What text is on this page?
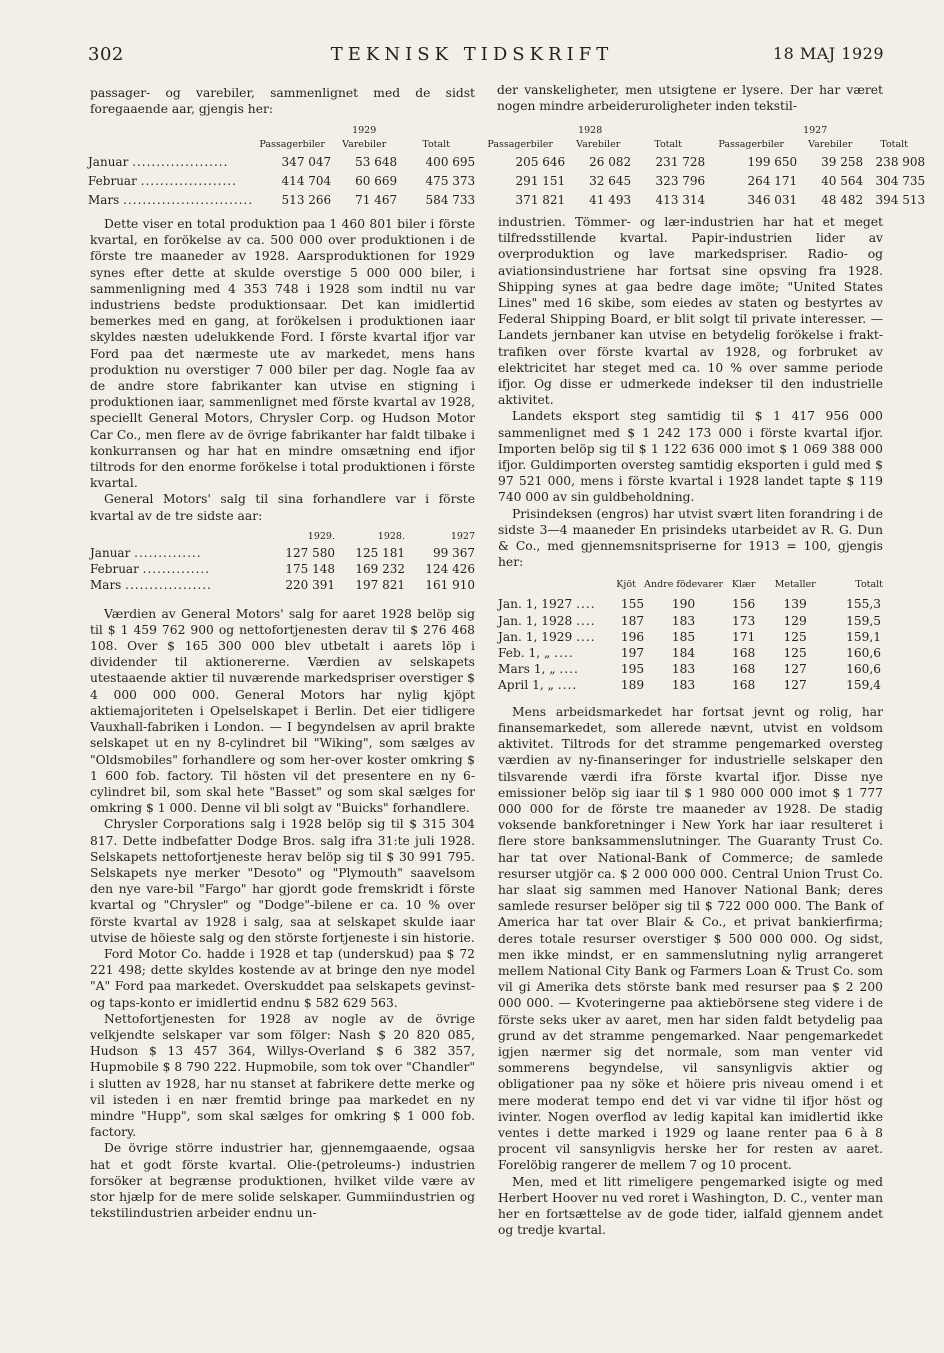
302	TEKNISK TIDSKRIFT	18 MAJ 1929

passager- og varebiler, sammenlignet med de sidst foregaaende aar, gjengis her:

der vanskeligheter, men utsigtene er lysere. Der har været nogen mindre arbeideruroligheter inden tekstil-

	1929			1928			1927		
	Passagerbiler	Varebiler	Totalt	Passagerbiler	Varebiler	Totalt	Passagerbiler	Varebiler	Totalt
Januar ....................	347 047	53 648	400 695	205 646	26 082	231 728	199 650	39 258	238 908
Februar ....................	414 704	60 669	475 373	291 151	32 645	323 796	264 171	40 564	304 735
Mars ...........................	513 266	71 467	584 733	371 821	41 493	413 314	346 031	48 482	394 513

Dette viser en total produktion paa 1 460 801 biler i förste kvartal, en forökelse av ca. 500 000 over produktionen i de förste tre maaneder av 1928. Aarsproduktionen for 1929 synes efter dette at skulde overstige 5 000 000 biler, i sammenligning med 4 353 748 i 1928 som indtil nu var industriens bedste produktionsaar. Det kan imidlertid bemerkes med en gang, at forökelsen i produktionen iaar skyldes næsten udelukkende Ford. I förste kvartal ifjor var Ford paa det nærmeste ute av markedet, mens hans produktion nu overstiger 7 000 biler per dag. Nogle faa av de andre store fabrikanter kan utvise en stigning i produktionen iaar, sammenlignet med förste kvartal av 1928, speciellt General Motors, Chrysler Corp. og Hudson Motor Car Co., men flere av de övrige fabrikanter har faldt tilbake i konkurransen og har hat en mindre omsætning end ifjor tiltrods for den enorme forökelse i total produktionen i förste kvartal.

General Motors' salg til sina forhandlere var i förste kvartal av de tre sidste aar:

	1929.	1928.	1927
Januar ..............	127 580	125 181	99 367
Februar ..............	175 148	169 232	124 426
Mars ..................	220 391	197 821	161 910

Værdien av General Motors' salg for aaret 1928 belöp sig til $ 1 459 762 900 og nettofortjenesten derav til $ 276 468 108. Over $ 165 300 000 blev utbetalt i aarets löp i dividender til aktionererne. Værdien av selskapets utestaaende aktier til nuværende markedspriser overstiger $ 4 000 000 000. General Motors har nylig kjöpt aktiemajoriteten i Opelselskapet i Berlin. Det eier tidligere Vauxhall-fabriken i London. — I begyndelsen av april brakte selskapet ut en ny 8-cylindret bil "Wiking", som sælges av "Oldsmobiles" forhandlere og som her-over koster omkring $ 1 600 fob. factory. Til hösten vil det presentere en ny 6-cylindret bil, som skal hete "Basset" og som skal sælges for omkring $ 1 000. Denne vil bli solgt av "Buicks" forhandlere.

Chrysler Corporations salg i 1928 belöp sig til $ 315 304 817. Dette indbefatter Dodge Bros. salg ifra 31:te juli 1928. Selskapets nettofortjeneste herav belöp sig til $ 30 991 795. Selskapets nye merker "Desoto" og "Plymouth" saavelsom den nye vare-bil "Fargo" har gjordt gode fremskridt i förste kvartal og "Chrysler" og "Dodge"-bilene er ca. 10 % over förste kvartal av 1928 i salg, saa at selskapet skulde iaar utvise de höieste salg og den störste fortjeneste i sin historie.

Ford Motor Co. hadde i 1928 et tap (underskud) paa $ 72 221 498; dette skyldes kostende av at bringe den nye model "A" Ford paa markedet. Overskuddet paa selskapets gevinst- og taps-konto er imidlertid endnu $ 582 629 563.

Nettofortjenesten for 1928 av nogle av de övrige velkjendte selskaper var som fölger: Nash $ 20 820 085, Hudson $ 13 457 364, Willys-Overland $ 6 382 357, Hupmobile $ 8 790 222. Hupmobile, som tok over "Chandler" i slutten av 1928, har nu stanset at fabrikere dette merke og vil isteden i en nær fremtid bringe paa markedet en ny mindre "Hupp", som skal sælges for omkring $ 1 000 fob. factory.

De övrige större industrier har, gjennemgaaende, ogsaa hat et godt förste kvartal. Olie-(petroleums-) industrien forsöker at begrænse produktionen, hvilket vilde være av stor hjælp for de mere solide selskaper. Gummiindustrien og tekstilindustrien arbeider endnu un-

industrien. Tömmer- og lær-industrien har hat et meget tilfredsstillende kvartal. Papir-industrien lider av overproduktion og lave markedspriser. Radio- og aviationsindustriene har fortsat sine opsving fra 1928. Shipping synes at gaa bedre dage imöte; "United States Lines" med 16 skibe, som eiedes av staten og bestyrtes av Federal Shipping Board, er blit solgt til private interesser. — Landets jernbaner kan utvise en betydelig forökelse i frakt-trafiken over förste kvartal av 1928, og forbruket av elektricitet har steget med ca. 10 % over samme periode ifjor. Og disse er udmerkede indekser til den industrielle aktivitet.

Landets eksport steg samtidig til $ 1 417 956 000 sammenlignet med $ 1 242 173 000 i förste kvartal ifjor. Importen belöp sig til $ 1 122 636 000 imot $ 1 069 388 000 ifjor. Guldimporten oversteg samtidig eksporten i guld med $ 97 521 000, mens i förste kvartal i 1928 landet tapte $ 119 740 000 av sin guldbeholdning.

Prisindeksen (engros) har utvist svært liten forandring i de sidste 3—4 maaneder En prisindeks utarbeidet av R. G. Dun & Co., med gjennemsnitspriserne for 1913 = 100, gjengis her:

	Kjöt	Andre födevarer	Klær	Metaller	Totalt
Jan. 1, 1927 ....	155	190	156	139	155,3
Jan. 1, 1928 ....	187	183	173	129	159,5
Jan. 1, 1929 ....	196	185	171	125	159,1
Feb. 1, „ ....	197	184	168	125	160,6
Mars 1, „ ....	195	183	168	127	160,6
April 1, „ ....	189	183	168	127	159,4

Mens arbeidsmarkedet har fortsat jevnt og rolig, har finansemarkedet, som allerede nævnt, utvist en voldsom aktivitet. Tiltrods for det stramme pengemarked oversteg værdien av ny-finanseringer for industrielle selskaper den tilsvarende værdi ifra förste kvartal ifjor. Disse nye emissioner belöp sig iaar til $ 1 980 000 000 imot $ 1 777 000 000 for de förste tre maaneder av 1928. De stadig voksende bankforetninger i New York har iaar resulteret i flere store banksammenslutninger. The Guaranty Trust Co. har tat over National-Bank of Commerce; de samlede resurser utgjör ca. $ 2 000 000 000. Central Union Trust Co. har slaat sig sammen med Hanover National Bank; deres samlede resurser belöper sig til $ 722 000 000. The Bank of America har tat over Blair & Co., et privat bankierfirma; deres totale resurser overstiger $ 500 000 000. Og sidst, men ikke mindst, er en sammenslutning nylig arrangeret mellem National City Bank og Farmers Loan & Trust Co. som vil gi Amerika dets störste bank med resurser paa $ 2 200 000 000. — Kvoteringerne paa aktiebörsene steg videre i de förste seks uker av aaret, men har siden faldt betydelig paa grund av det stramme pengemarked. Naar pengemarkedet igjen nærmer sig det normale, som man venter vid sommerens begyndelse, vil sansynligvis aktier og obligationer paa ny söke et höiere pris niveau omend i et mere moderat tempo end det vi var vidne til ifjor höst og ivinter. Nogen overflod av ledig kapital kan imidlertid ikke ventes i dette marked i 1929 og laane renter paa 6 à 8 procent vil sansynligvis herske her for resten av aaret. Forelöbig rangerer de mellem 7 og 10 procent.

Men, med et litt rimeligere pengemarked isigte og med Herbert Hoover nu ved roret i Washington, D. C., venter man her en fortsættelse av de gode tider, ialfald gjennem andet og tredje kvartal.
